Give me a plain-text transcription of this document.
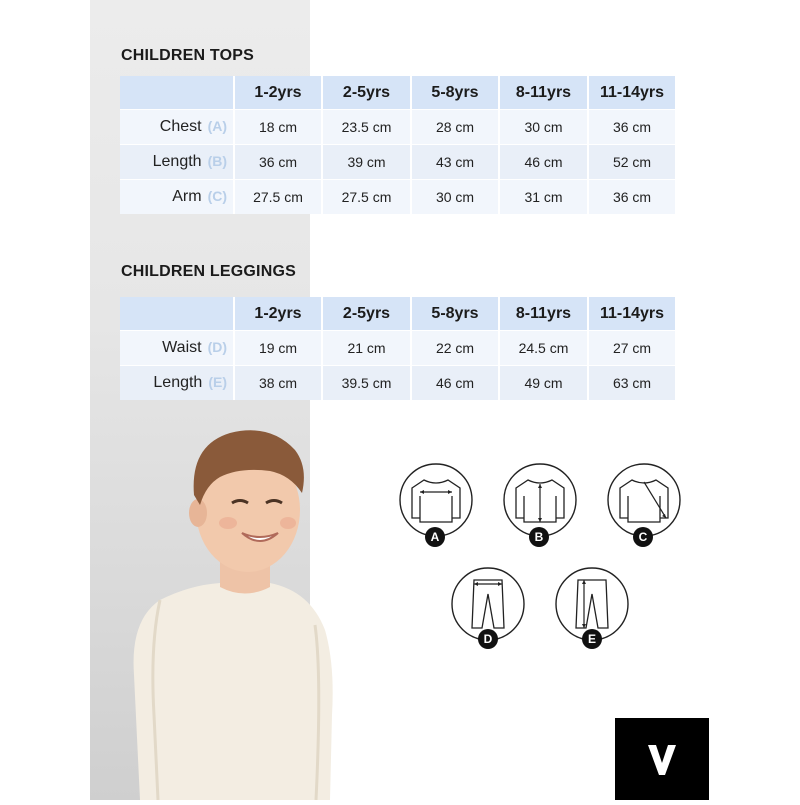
CHILDREN TOPS
	1-2yrs	2-5yrs	5-8yrs	8-11yrs	11-14yrs
Chest (A)	18 cm	23.5 cm	28 cm	30 cm	36 cm
Length (B)	36 cm	39 cm	43 cm	46 cm	52 cm
Arm (C)	27.5 cm	27.5 cm	30 cm	31 cm	36 cm
CHILDREN LEGGINGS
	1-2yrs	2-5yrs	5-8yrs	8-11yrs	11-14yrs
Waist (D)	19 cm	21 cm	22 cm	24.5 cm	27 cm
Length (E)	38 cm	39.5 cm	46 cm	49 cm	63 cm
A	B	C
D	E
